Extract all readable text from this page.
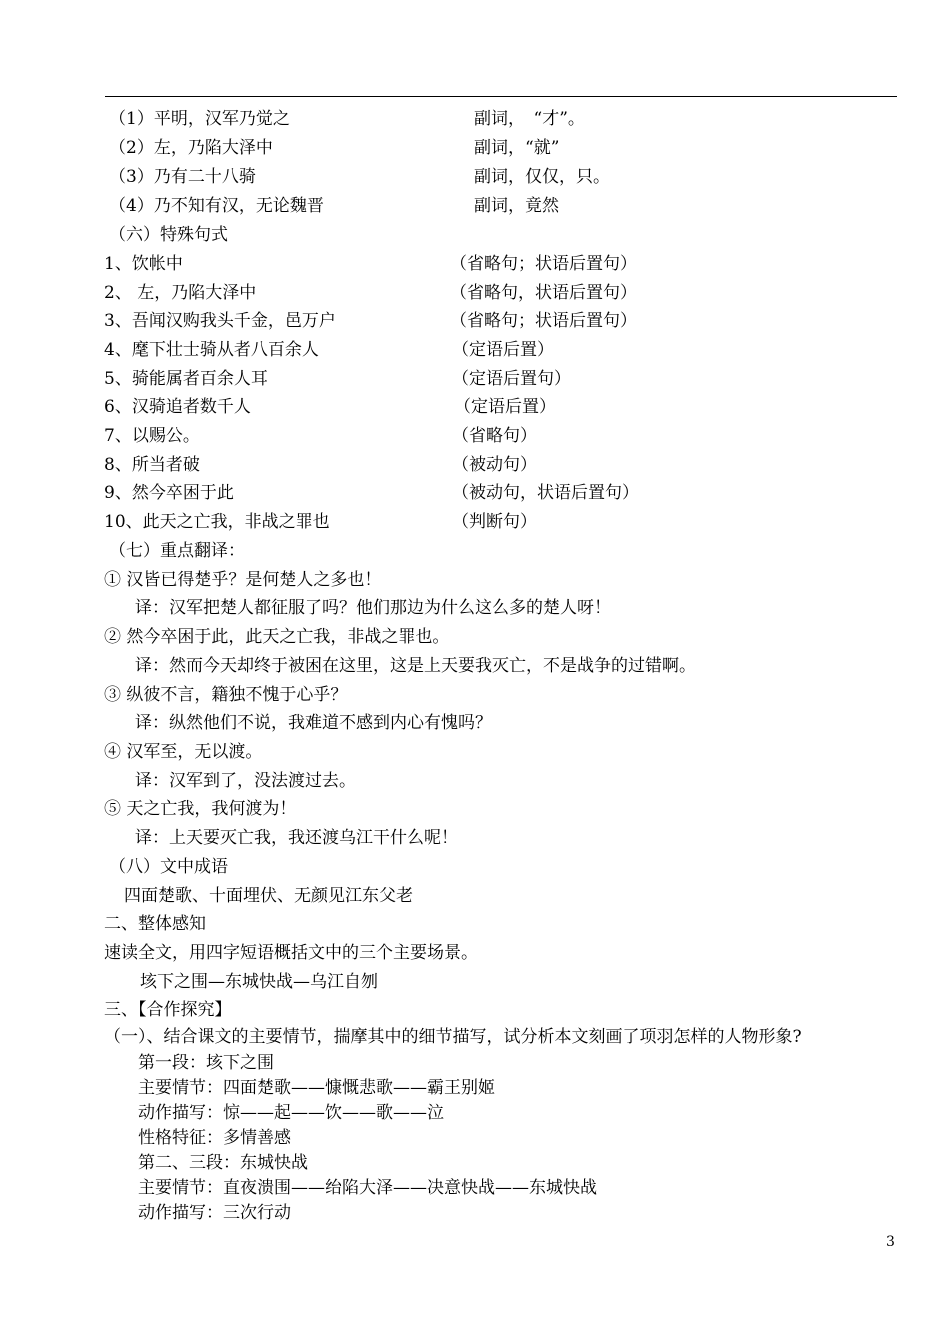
（1）平明，汉军乃觉之	副词，　“才”。
（2）左，乃陷大泽中	副词，“就”
（3）乃有二十八骑	副词，仅仅，只。
（4）乃不知有汉，无论魏晋	副词，竟然
（六）特殊句式
1、饮帐中	（省略句；状语后置句）
2、 左，乃陷大泽中	（省略句，状语后置句）
3、吾闻汉购我头千金，邑万户	（省略句；状语后置句）
4、麾下壮士骑从者八百余人	（定语后置）
5、骑能属者百余人耳	（定语后置句）
6、汉骑追者数千人	（定语后置）
7、以赐公。	（省略句）
8、所当者破	（被动句）
9、然今卒困于此	（被动句，状语后置句）
10、此天之亡我，非战之罪也	（判断句）
（七）重点翻译：
① 汉皆已得楚乎？是何楚人之多也！
译：汉军把楚人都征服了吗？他们那边为什么这么多的楚人呀！
② 然今卒困于此，此天之亡我，非战之罪也。
译：然而今天却终于被困在这里，这是上天要我灭亡，不是战争的过错啊。
③ 纵彼不言，籍独不愧于心乎？
译：纵然他们不说，我难道不感到内心有愧吗？
④ 汉军至，无以渡。
译：汉军到了，没法渡过去。
⑤ 天之亡我，我何渡为！
译：上天要灭亡我，我还渡乌江干什么呢！
（八）文中成语
四面楚歌、十面埋伏、无颜见江东父老
二、整体感知
速读全文，用四字短语概括文中的三个主要场景。
垓下之围—东城快战—乌江自刎
三、【合作探究】
（一）、结合课文的主要情节，揣摩其中的细节描写，试分析本文刻画了项羽怎样的人物形象?
第一段：垓下之围
主要情节：四面楚歌——慷慨悲歌——霸王别姬
动作描写：惊——起——饮——歌——泣
性格特征：多情善感
第二、三段：东城快战
主要情节：直夜溃围——绐陷大泽——决意快战——东城快战
动作描写：三次行动
3
